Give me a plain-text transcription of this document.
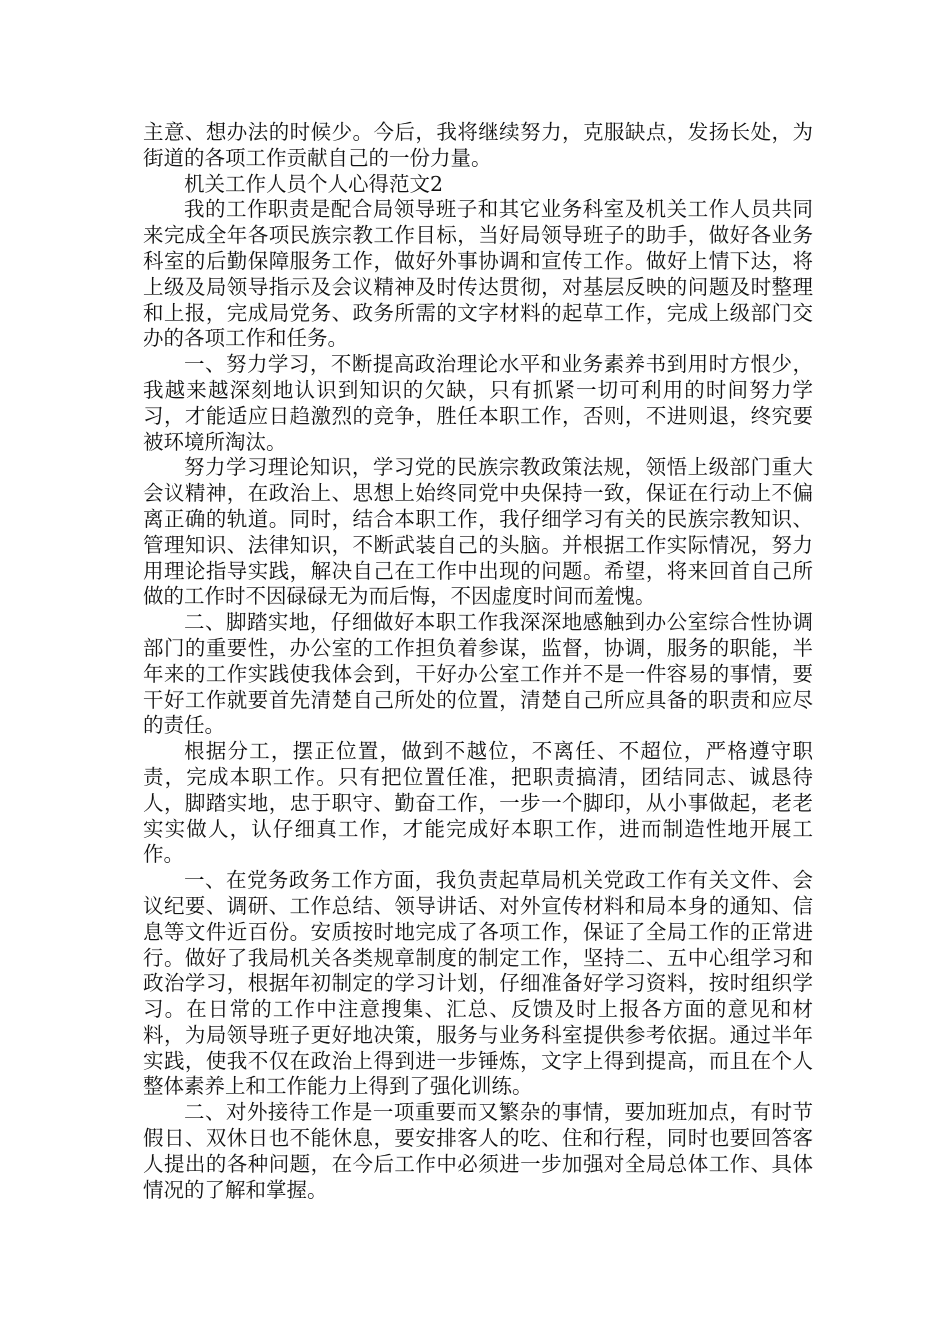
主意、想办法的时候少。今后，我将继续努力，克服缺点，发扬长处，为街道的各项工作贡献自己的一份力量。

机关工作人员个人心得范文2

我的工作职责是配合局领导班子和其它业务科室及机关工作人员共同来完成全年各项民族宗教工作目标，当好局领导班子的助手，做好各业务科室的后勤保障服务工作，做好外事协调和宣传工作。做好上情下达，将上级及局领导指示及会议精神及时传达贯彻，对基层反映的问题及时整理和上报，完成局党务、政务所需的文字材料的起草工作，完成上级部门交办的各项工作和任务。

一、努力学习，不断提高政治理论水平和业务素养书到用时方恨少，我越来越深刻地认识到知识的欠缺，只有抓紧一切可利用的时间努力学习，才能适应日趋激烈的竞争，胜任本职工作，否则，不进则退，终究要被环境所淘汰。

努力学习理论知识，学习党的民族宗教政策法规，领悟上级部门重大会议精神，在政治上、思想上始终同党中央保持一致，保证在行动上不偏离正确的轨道。同时，结合本职工作，我仔细学习有关的民族宗教知识、管理知识、法律知识，不断武装自己的头脑。并根据工作实际情况，努力用理论指导实践，解决自己在工作中出现的问题。希望，将来回首自己所做的工作时不因碌碌无为而后悔，不因虚度时间而羞愧。

二、脚踏实地，仔细做好本职工作我深深地感触到办公室综合性协调部门的重要性，办公室的工作担负着参谋，监督，协调，服务的职能，半年来的工作实践使我体会到，干好办公室工作并不是一件容易的事情，要干好工作就要首先清楚自己所处的位置，清楚自己所应具备的职责和应尽的责任。

根据分工，摆正位置，做到不越位，不离任、不超位，严格遵守职责，完成本职工作。只有把位置任准，把职责搞清，团结同志、诚恳待人，脚踏实地，忠于职守、勤奋工作，一步一个脚印，从小事做起，老老实实做人，认仔细真工作，才能完成好本职工作，进而制造性地开展工作。

一、在党务政务工作方面，我负责起草局机关党政工作有关文件、会议纪要、调研、工作总结、领导讲话、对外宣传材料和局本身的通知、信息等文件近百份。安质按时地完成了各项工作，保证了全局工作的正常进行。做好了我局机关各类规章制度的制定工作，坚持二、五中心组学习和政治学习，根据年初制定的学习计划，仔细准备好学习资料，按时组织学习。在日常的工作中注意搜集、汇总、反馈及时上报各方面的意见和材料，为局领导班子更好地决策，服务与业务科室提供参考依据。通过半年实践，使我不仅在政治上得到进一步锤炼，文字上得到提高，而且在个人整体素养上和工作能力上得到了强化训练。

二、对外接待工作是一项重要而又繁杂的事情，要加班加点，有时节假日、双休日也不能休息，要安排客人的吃、住和行程，同时也要回答客人提出的各种问题，在今后工作中必须进一步加强对全局总体工作、具体情况的了解和掌握。
